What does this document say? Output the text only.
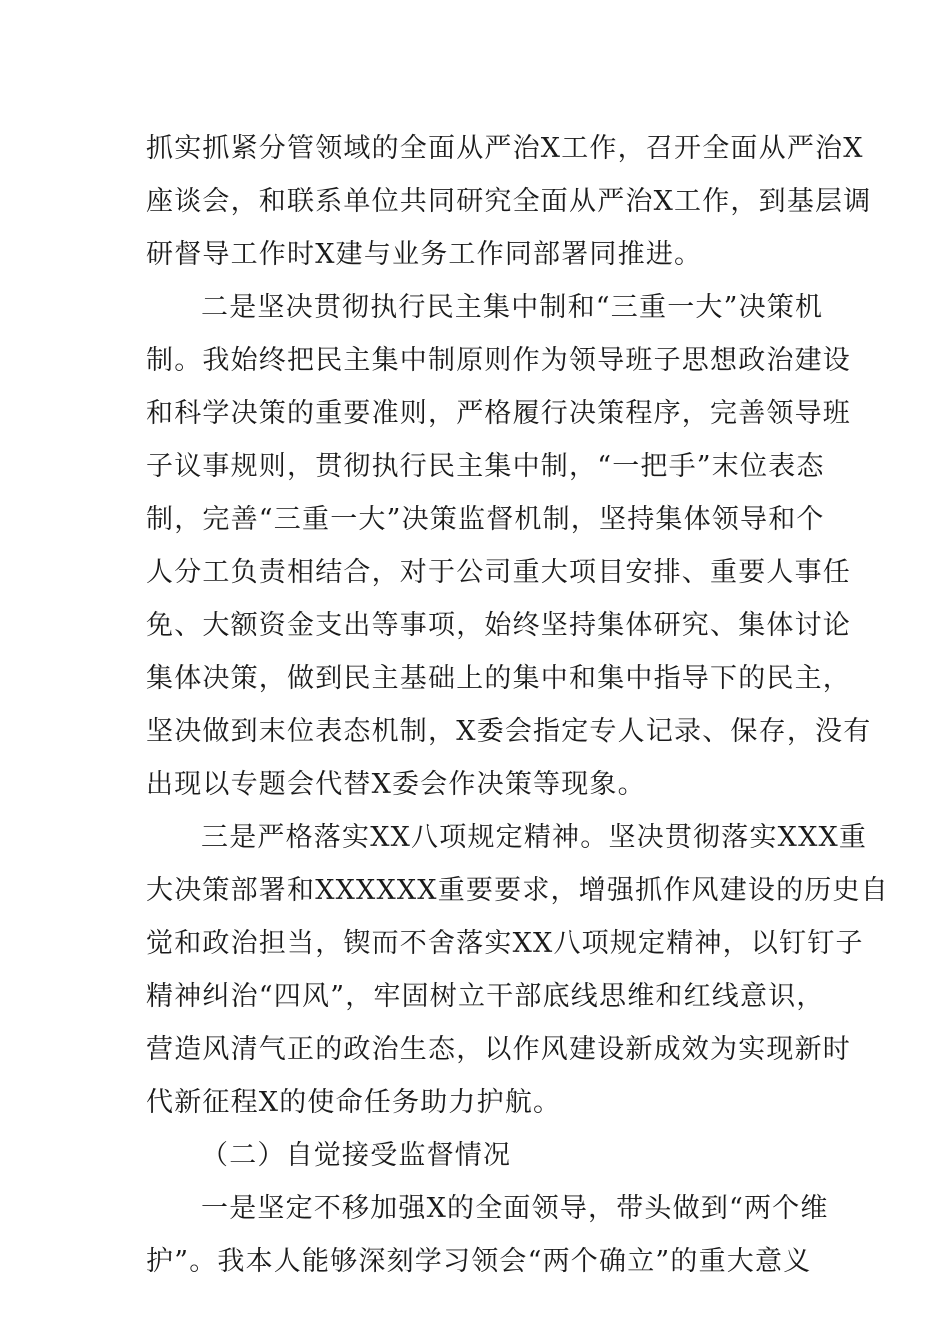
抓实抓紧分管领域的全面从严治X工作，召开全面从严治X
座谈会，和联系单位共同研究全面从严治X工作，到基层调
研督导工作时X建与业务工作同部署同推进。
二是坚决贯彻执行民主集中制和“三重一大”决策机
制。我始终把民主集中制原则作为领导班子思想政治建设
和科学决策的重要准则，严格履行决策程序，完善领导班
子议事规则，贯彻执行民主集中制，“一把手”末位表态
制，完善“三重一大”决策监督机制，坚持集体领导和个
人分工负责相结合，对于公司重大项目安排、重要人事任
免、大额资金支出等事项，始终坚持集体研究、集体讨论
集体决策，做到民主基础上的集中和集中指导下的民主，
坚决做到末位表态机制，X委会指定专人记录、保存，没有
出现以专题会代替X委会作决策等现象。
三是严格落实XX八项规定精神。坚决贯彻落实XXX重
大决策部署和XXXXXX重要要求，增强抓作风建设的历史自
觉和政治担当，锲而不舍落实XX八项规定精神，以钉钉子
精神纠治“四风”，牢固树立干部底线思维和红线意识，
营造风清气正的政治生态，以作风建设新成效为实现新时
代新征程X的使命任务助力护航。
（二）自觉接受监督情况
一是坚定不移加强X的全面领导，带头做到“两个维
护”。我本人能够深刻学习领会“两个确立”的重大意义
